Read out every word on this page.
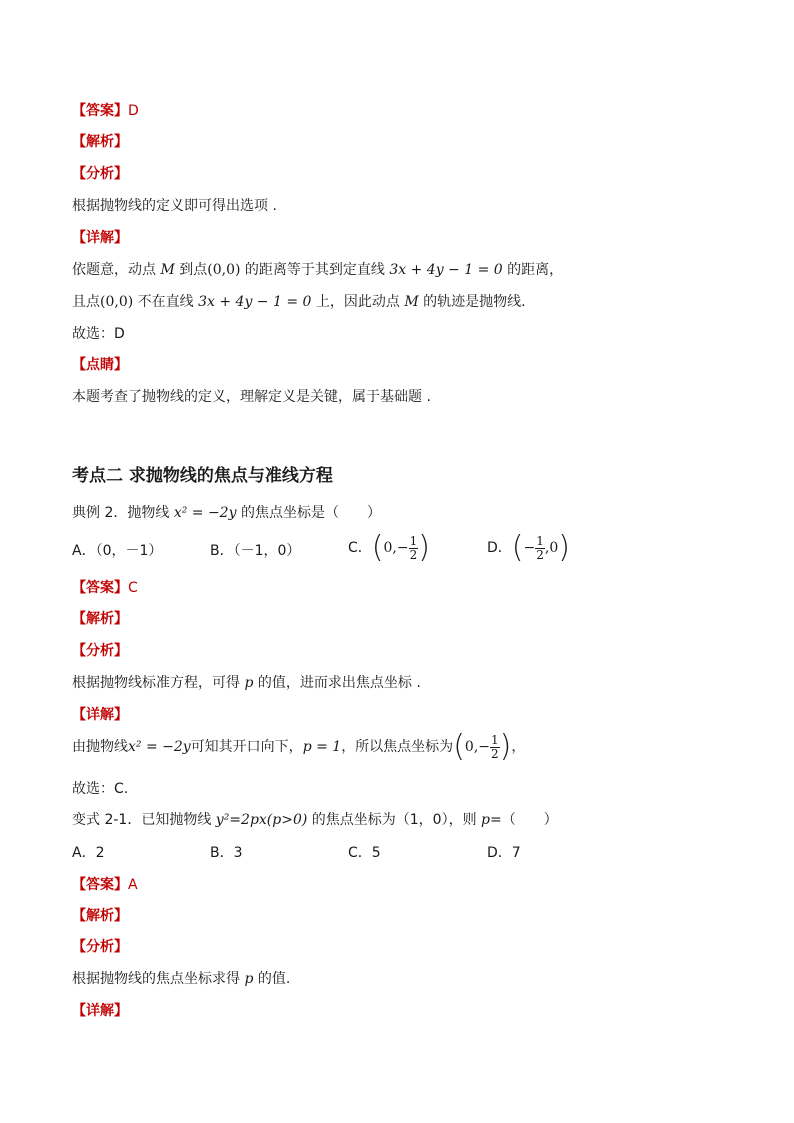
【答案】D
【解析】
【分析】
根据抛物线的定义即可得出选项 .
【详解】
依题意，动点 M 到点(0,0) 的距离等于其到定直线 3x + 4y − 1 = 0 的距离，
且点(0,0) 不在直线 3x + 4y − 1 = 0 上，因此动点 M 的轨迹是抛物线.
故选：D
【点睛】
本题考查了抛物线的定义，理解定义是关键，属于基础题 .
考点二 求抛物线的焦点与准线方程
典例 2．抛物线 x² = −2y 的焦点坐标是（　　）
A．（0，－1）	B．（－1，0）	C． ( $0,- \frac{1}{2}$ )	D． ( − $\frac{1}{2} ,0$ )
【答案】C
【解析】
【分析】
根据抛物线标准方程，可得 p 的值，进而求出焦点坐标 .
【详解】
由抛物线 x² = −2y 可知其开口向下， p = 1 ，所以焦点坐标为 ( $0,- \frac{1}{2}$ ) ，
故选：C.
变式 2-1．已知抛物线 y²=2px(p>0) 的焦点坐标为（1，0），则 p=（　　）
A．2	B．3	C．5	D．7
【答案】A
【解析】
【分析】
根据抛物线的焦点坐标求得 p 的值.
【详解】
